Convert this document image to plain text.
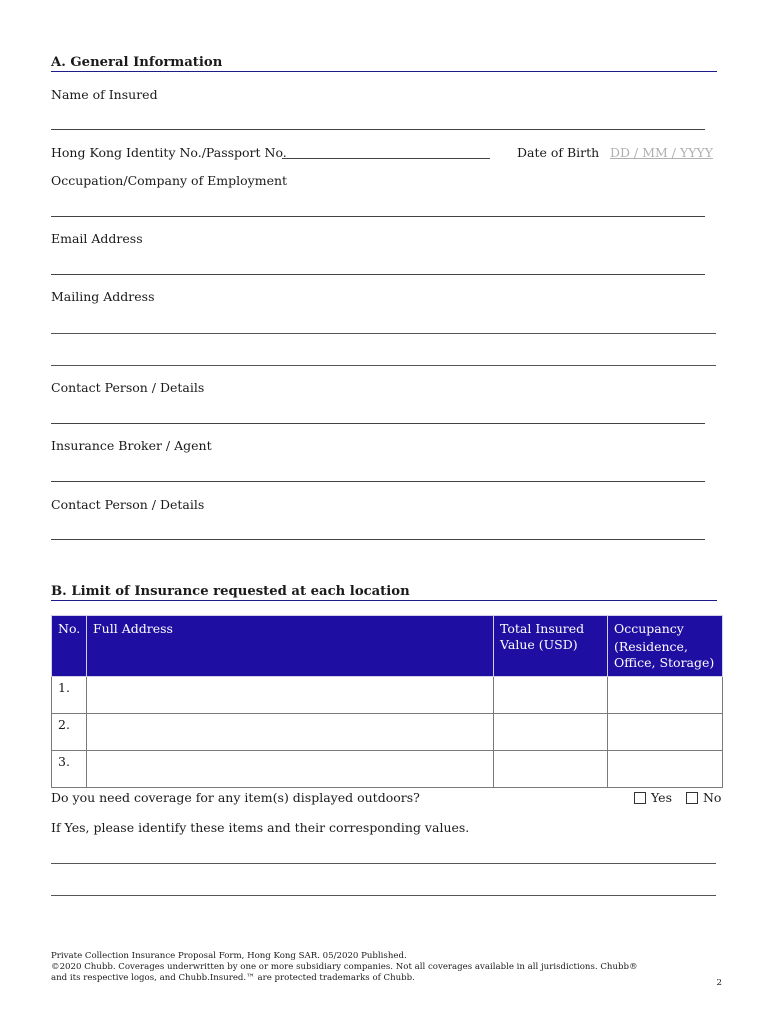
A. General Information
Name of Insured
Hong Kong Identity No./Passport No.	Date of Birth
DD / MM / YYYY
Occupation/Company of Employment
Email Address
Mailing Address
Contact Person / Details
Insurance Broker / Agent
Contact Person / Details
B. Limit of Insurance requested at each location
No.	Full Address	Total Insured Value (USD)	Occupancy
(Residence, Office, Storage)

1.			
2.			
3.			
Do you need coverage for any item(s) displayed outdoors?	Yes
No
If Yes, please identify these items and their corresponding values.
Private Collection Insurance Proposal Form, Hong Kong SAR. 05/2020 Published.
©2020 Chubb. Coverages underwritten by one or more subsidiary companies. Not all coverages available in all jurisdictions. Chubb®
and its respective logos, and Chubb.Insured.™ are protected trademarks of Chubb.	2
